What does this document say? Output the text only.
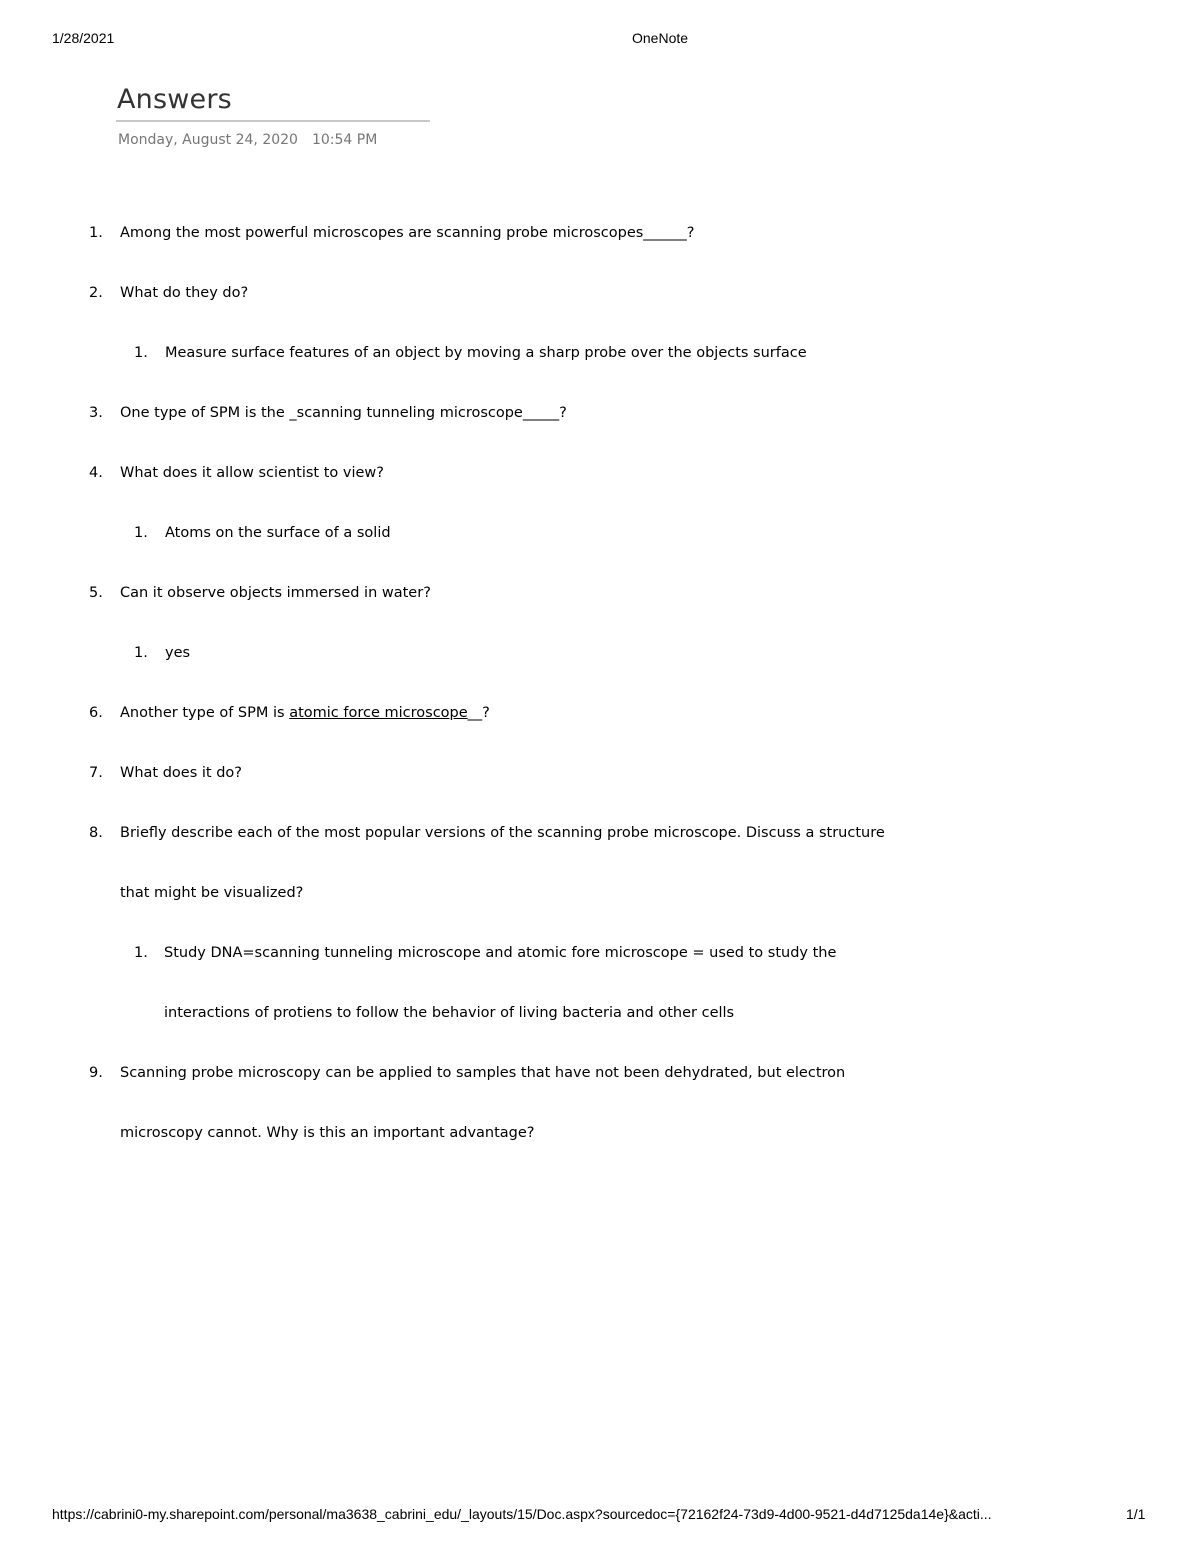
1/28/2021	OneNote
Answers
Monday, August 24, 2020 10:54 PM
1. Among the most powerful microscopes are scanning probe microscopes______?
2. What do they do?
1. Measure surface features of an object by moving a sharp probe over the objects surface
3. One type of SPM is the _scanning tunneling microscope_____?
4. What does it allow scientist to view?
1. Atoms on the surface of a solid
5. Can it observe objects immersed in water?
1. yes
6. Another type of SPM is atomic force microscope__?
7. What does it do?
8. Briefly describe each of the most popular versions of the scanning probe microscope. Discuss a structure
that might be visualized?
1. Study DNA=scanning tunneling microscope and atomic fore microscope = used to study the
interactions of protiens to follow the behavior of living bacteria and other cells
9. Scanning probe microscopy can be applied to samples that have not been dehydrated, but electron
microscopy cannot. Why is this an important advantage?
https://cabrini0-my.sharepoint.com/personal/ma3638_cabrini_edu/_layouts/15/Doc.aspx?sourcedoc={72162f24-73d9-4d00-9521-d4d7125da14e}&acti...	1/1
